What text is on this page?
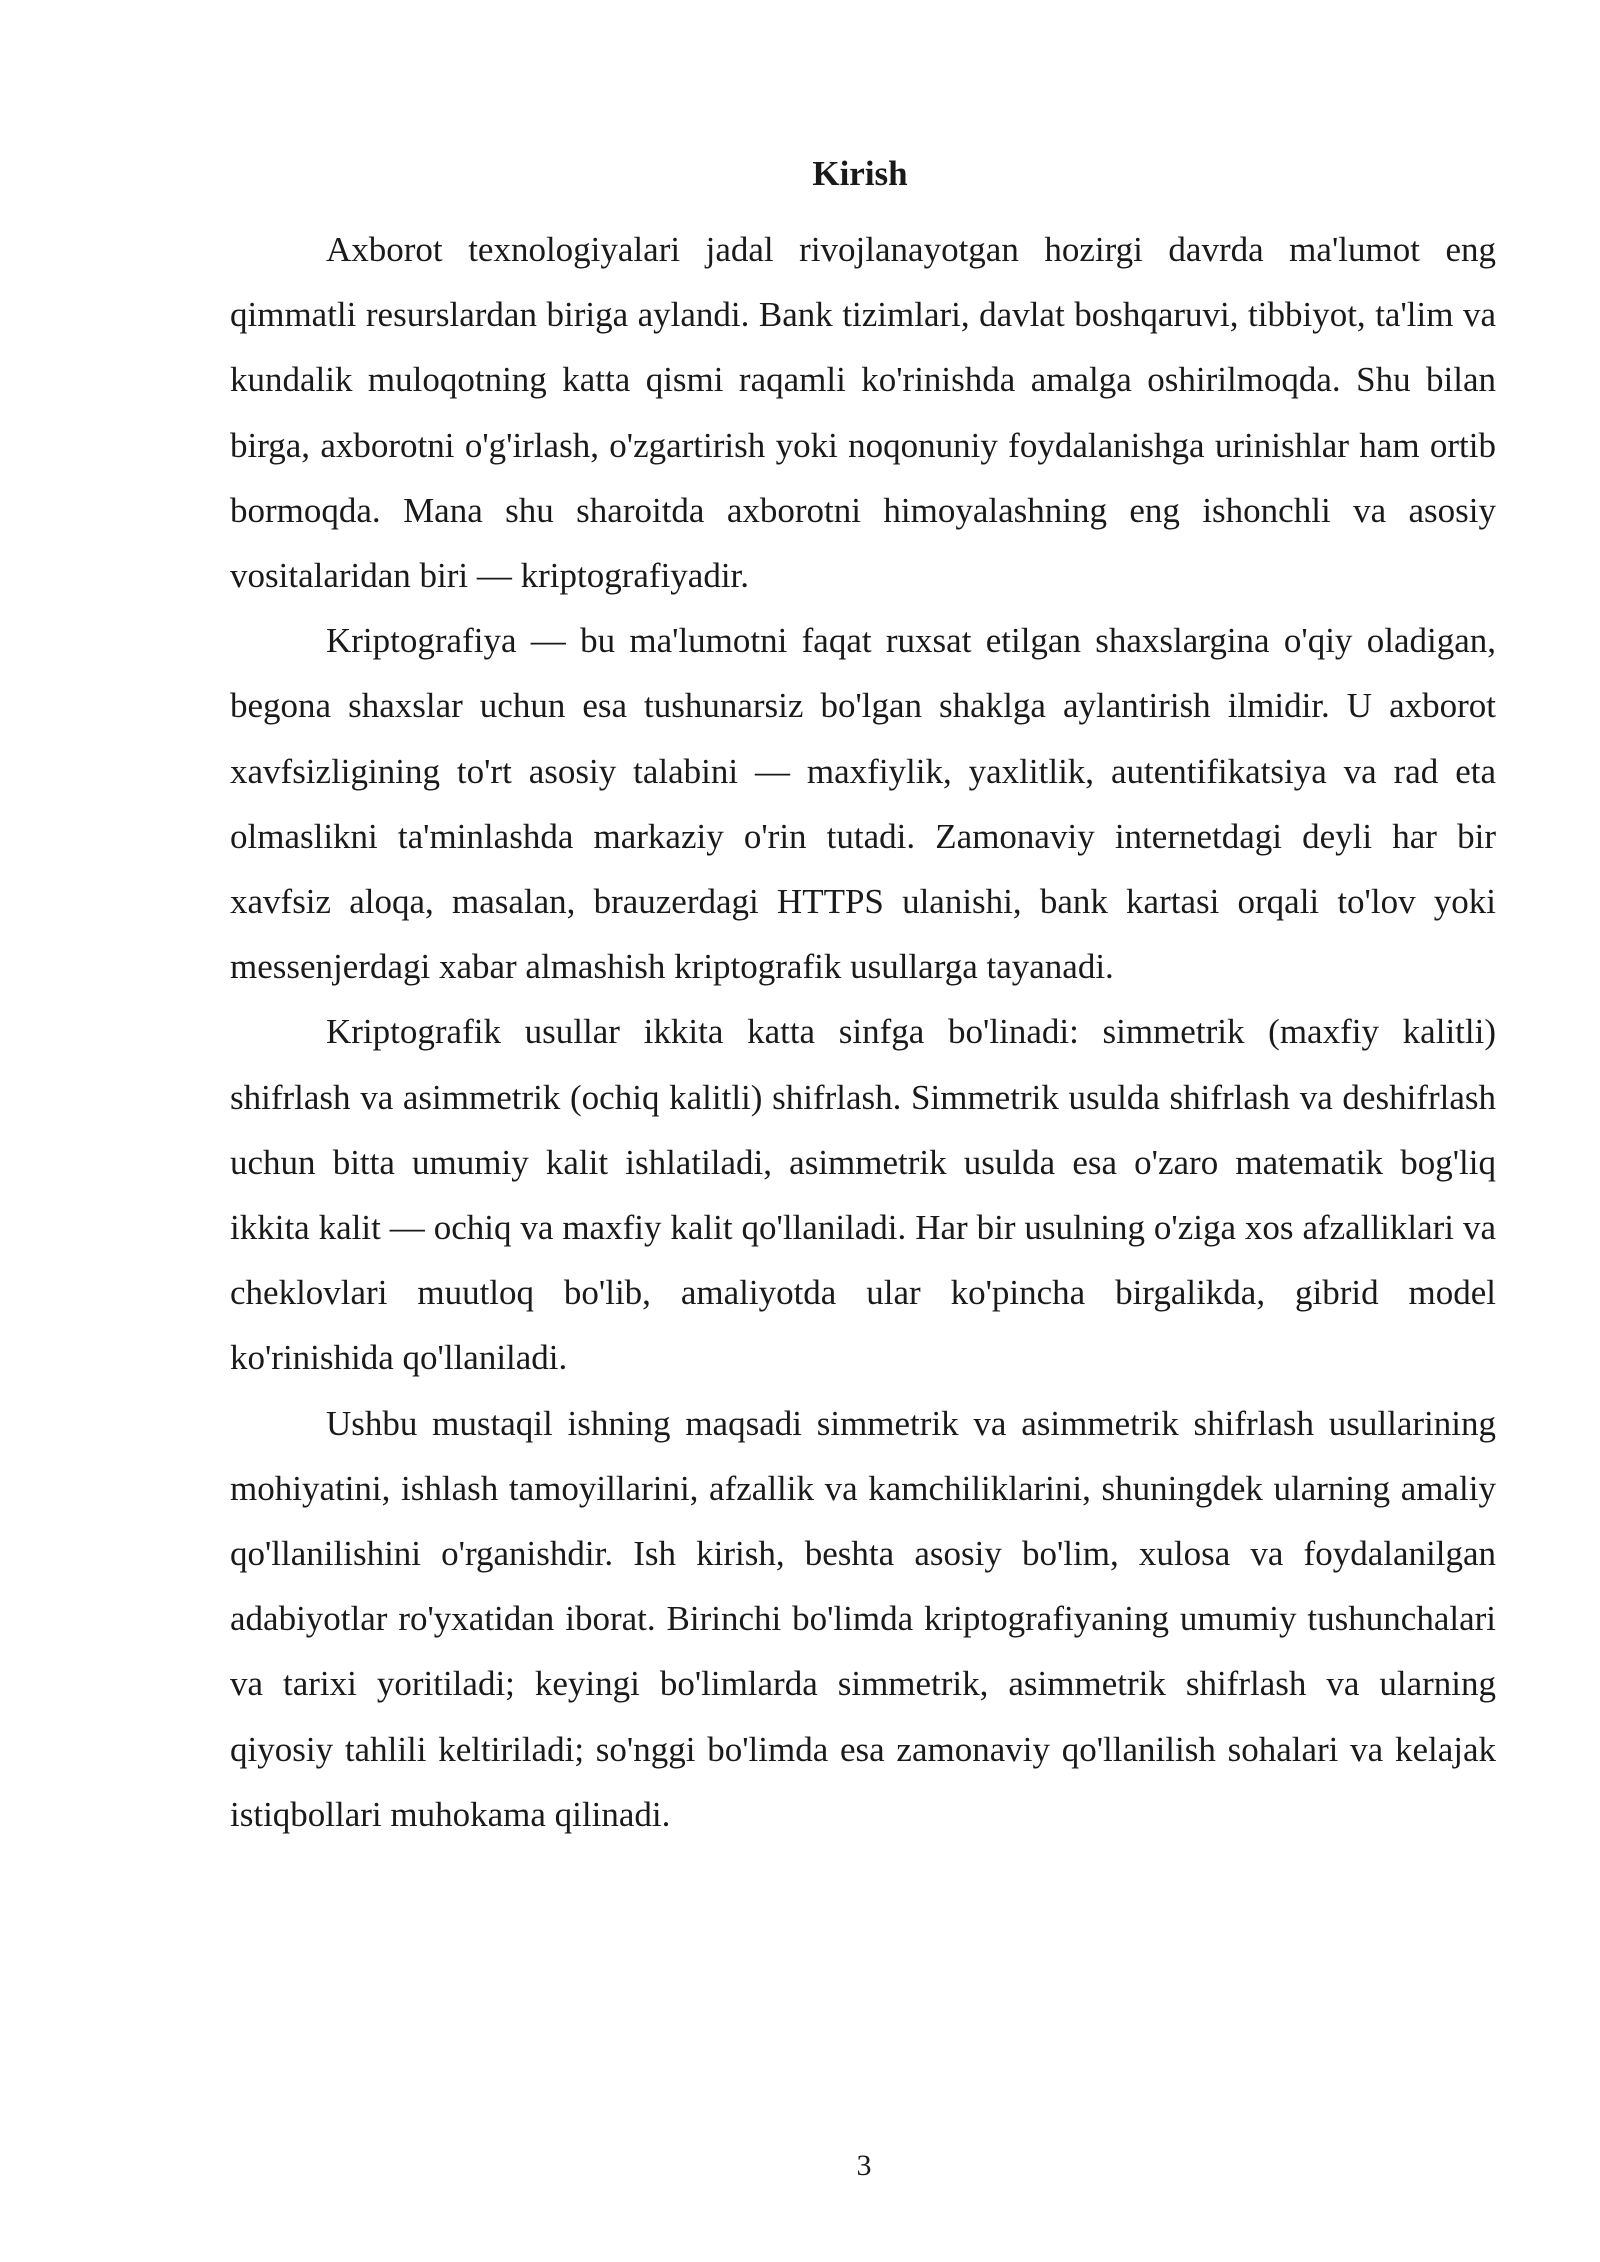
Kirish

Axborot texnologiyalari jadal rivojlanayotgan hozirgi davrda ma'lumot eng qimmatli resurslardan biriga aylandi. Bank tizimlari, davlat boshqaruvi, tibbiyot, ta'lim va kundalik muloqotning katta qismi raqamli ko'rinishda amalga oshirilmoqda. Shu bilan birga, axborotni o'g'irlash, o'zgartirish yoki noqonuniy foydalanishga urinishlar ham ortib bormoqda. Mana shu sharoitda axborotni himoyalashning eng ishonchli va asosiy vositalaridan biri — kriptografiyadir.

Kriptografiya — bu ma'lumotni faqat ruxsat etilgan shaxslargina o'qiy oladigan, begona shaxslar uchun esa tushunarsiz bo'lgan shaklga aylantirish ilmidir. U axborot xavfsizligining to'rt asosiy talabini — maxfiylik, yaxlitlik, autentifikatsiya va rad eta olmaslikni ta'minlashda markaziy o'rin tutadi. Zamonaviy internetdagi deyli har bir xavfsiz aloqa, masalan, brauzerdagi HTTPS ulanishi, bank kartasi orqali to'lov yoki messenjerdagi xabar almashish kriptografik usullarga tayanadi.

Kriptografik usullar ikkita katta sinfga bo'linadi: simmetrik (maxfiy kalitli) shifrlash va asimmetrik (ochiq kalitli) shifrlash. Simmetrik usulda shifrlash va deshifrlash uchun bitta umumiy kalit ishlatiladi, asimmetrik usulda esa o'zaro matematik bog'liq ikkita kalit — ochiq va maxfiy kalit qo'llaniladi. Har bir usulning o'ziga xos afzalliklari va cheklovlari muutloq bo'lib, amaliyotda ular ko'pincha birgalikda, gibrid model ko'rinishida qo'llaniladi.

Ushbu mustaqil ishning maqsadi simmetrik va asimmetrik shifrlash usullarining mohiyatini, ishlash tamoyillarini, afzallik va kamchiliklarini, shuningdek ularning amaliy qo'llanilishini o'rganishdir. Ish kirish, beshta asosiy bo'lim, xulosa va foydalanilgan adabiyotlar ro'yxatidan iborat. Birinchi bo'limda kriptografiyaning umumiy tushunchalari va tarixi yoritiladi; keyingi bo'limlarda simmetrik, asimmetrik shifrlash va ularning qiyosiy tahlili keltiriladi; so'nggi bo'limda esa zamonaviy qo'llanilish sohalari va kelajak istiqbollari muhokama qilinadi.

3
